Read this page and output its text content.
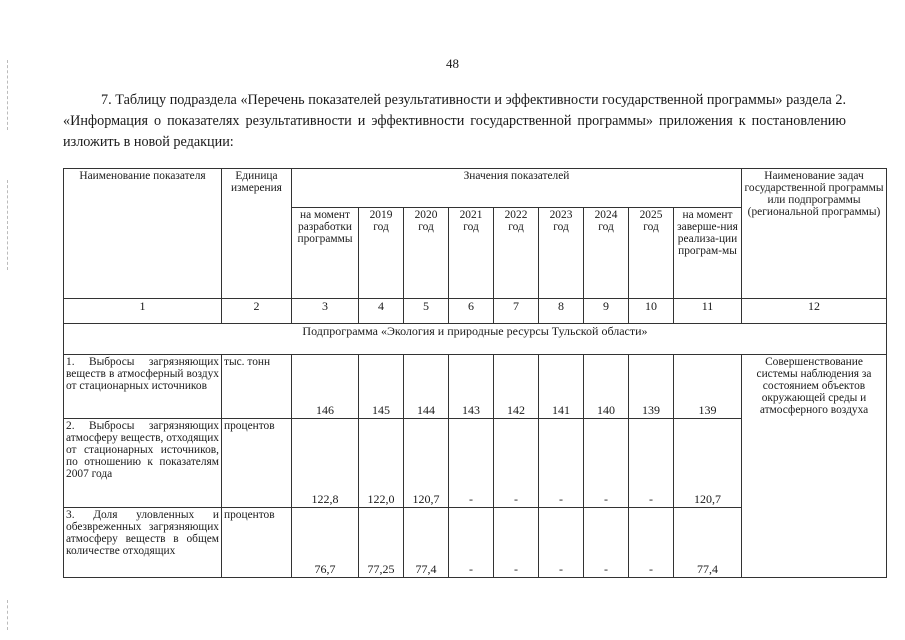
48

7. Таблицу подраздела «Перечень показателей результативности и эффективности государственной программы» раздела 2. «Информация о показателях результативности и эффективности государственной программы» приложения к постановлению изложить в новой редакции:

Наименование показателя	Единица измерения	Значения показателей									Наименование задач государственной программы или подпрограммы (региональной программы)
		на момент разработки программы	2019 год	2020 год	2021 год	2022 год	2023 год	2024 год	2025 год	на момент заверше-ния реализа-ции програм-мы	
1	2	3	4	5	6	7	8	9	10	11	12
Подпрограмма «Экология и природные ресурсы Тульской области»											
1. Выбросы загрязняющих веществ в атмосферный воздух от стационарных источников	тыс. тонн	146	145	144	143	142	141	140	139	139	Совершенствование системы наблюдения за состоянием объектов окружающей среды и атмосферного воздуха
2. Выбросы загрязняющих атмосферу веществ, отходящих от стационарных источников, по отношению к показателям 2007 года	процентов	122,8	122,0	120,7	-	-	-	-	-	120,7	
3. Доля уловленных и обезвреженных загрязняющих атмосферу веществ в общем количестве отходящих	процентов	76,7	77,25	77,4	-	-	-	-	-	77,4	
